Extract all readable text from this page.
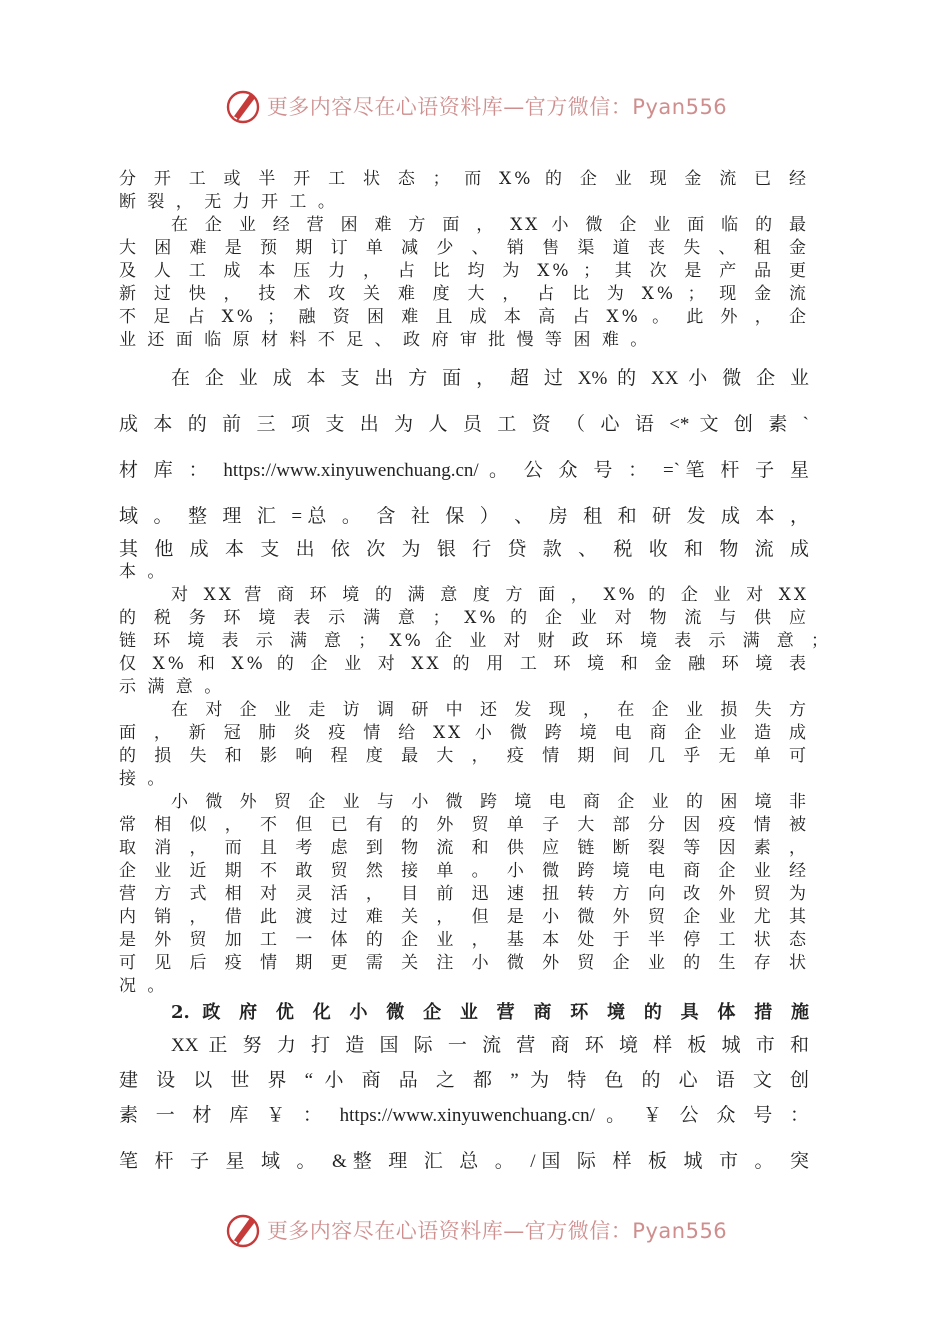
更多内容尽在心语资料库—官方微信：Pyan556
分 开 工 或 半 开 工 状 态 ； 而 X% 的 企 业 现 金 流 已 经
断 裂 ， 无 力 开 工 。
在 企 业 经 营 困 难 方 面 ， XX 小 微 企 业 面 临 的 最
大 困 难 是 预 期 订 单 减 少 、 销 售 渠 道 丧 失 、 租 金
及 人 工 成 本 压 力 ， 占 比 均 为 X% ； 其 次 是 产 品 更
新 过 快 ， 技 术 攻 关 难 度 大 ， 占 比 为 X% ； 现 金 流
不 足 占 X% ； 融 资 困 难 且 成 本 高 占 X% 。 此 外 ， 企
业 还 面 临 原 材 料 不 足 、 政 府 审 批 慢 等 困 难 。
在 企 业 成 本 支 出 方 面 ， 超 过 X% 的 XX 小 微 企 业
成 本 的 前 三 项 支 出 为 人 员 工 资 （ 心 语 <* 文 创 素 `
材 库 ： https://www.xinyuwenchuang.cn/ 。 公 众 号 ： =`笔 杆 子 星
域 。 整 理 汇 =总 。 含 社 保 ） 、 房 租 和 研 发 成 本 ，
其 他 成 本 支 出 依 次 为 银 行 贷 款 、 税 收 和 物 流 成
本 。
对 XX 营 商 环 境 的 满 意 度 方 面 ， X% 的 企 业 对 XX
的 税 务 环 境 表 示 满 意 ； X% 的 企 业 对 物 流 与 供 应
链 环 境 表 示 满 意 ； X% 企 业 对 财 政 环 境 表 示 满 意 ；
仅 X% 和 X% 的 企 业 对 XX 的 用 工 环 境 和 金 融 环 境 表
示 满 意 。
在 对 企 业 走 访 调 研 中 还 发 现 ， 在 企 业 损 失 方
面 ， 新 冠 肺 炎 疫 情 给 XX 小 微 跨 境 电 商 企 业 造 成
的 损 失 和 影 响 程 度 最 大 ， 疫 情 期 间 几 乎 无 单 可
接 。
小 微 外 贸 企 业 与 小 微 跨 境 电 商 企 业 的 困 境 非
常 相 似 ， 不 但 已 有 的 外 贸 单 子 大 部 分 因 疫 情 被
取 消 ， 而 且 考 虑 到 物 流 和 供 应 链 断 裂 等 因 素 ，
企 业 近 期 不 敢 贸 然 接 单 。 小 微 跨 境 电 商 企 业 经
营 方 式 相 对 灵 活 ， 目 前 迅 速 扭 转 方 向 改 外 贸 为
内 销 ， 借 此 渡 过 难 关 ， 但 是 小 微 外 贸 企 业 尤 其
是 外 贸 加 工 一 体 的 企 业 ， 基 本 处 于 半 停 工 状 态
可 见 后 疫 情 期 更 需 关 注 小 微 外 贸 企 业 的 生 存 状
况 。
2. 政 府 优 化 小 微 企 业 营 商 环 境 的 具 体 措 施
XX 正 努 力 打 造 国 际 一 流 营 商 环 境 样 板 城 市 和
建 设 以 世 界 “ 小 商 品 之 都 ” 为 特 色 的 心 语 文 创
素 一 材 库 ￥ ： https://www.xinyuwenchuang.cn/ 。 ￥ 公 众 号 ：
笔 杆 子 星 域 。 &整 理 汇 总 。 /国 际 样 板 城 市 。 突
更多内容尽在心语资料库—官方微信：Pyan556
